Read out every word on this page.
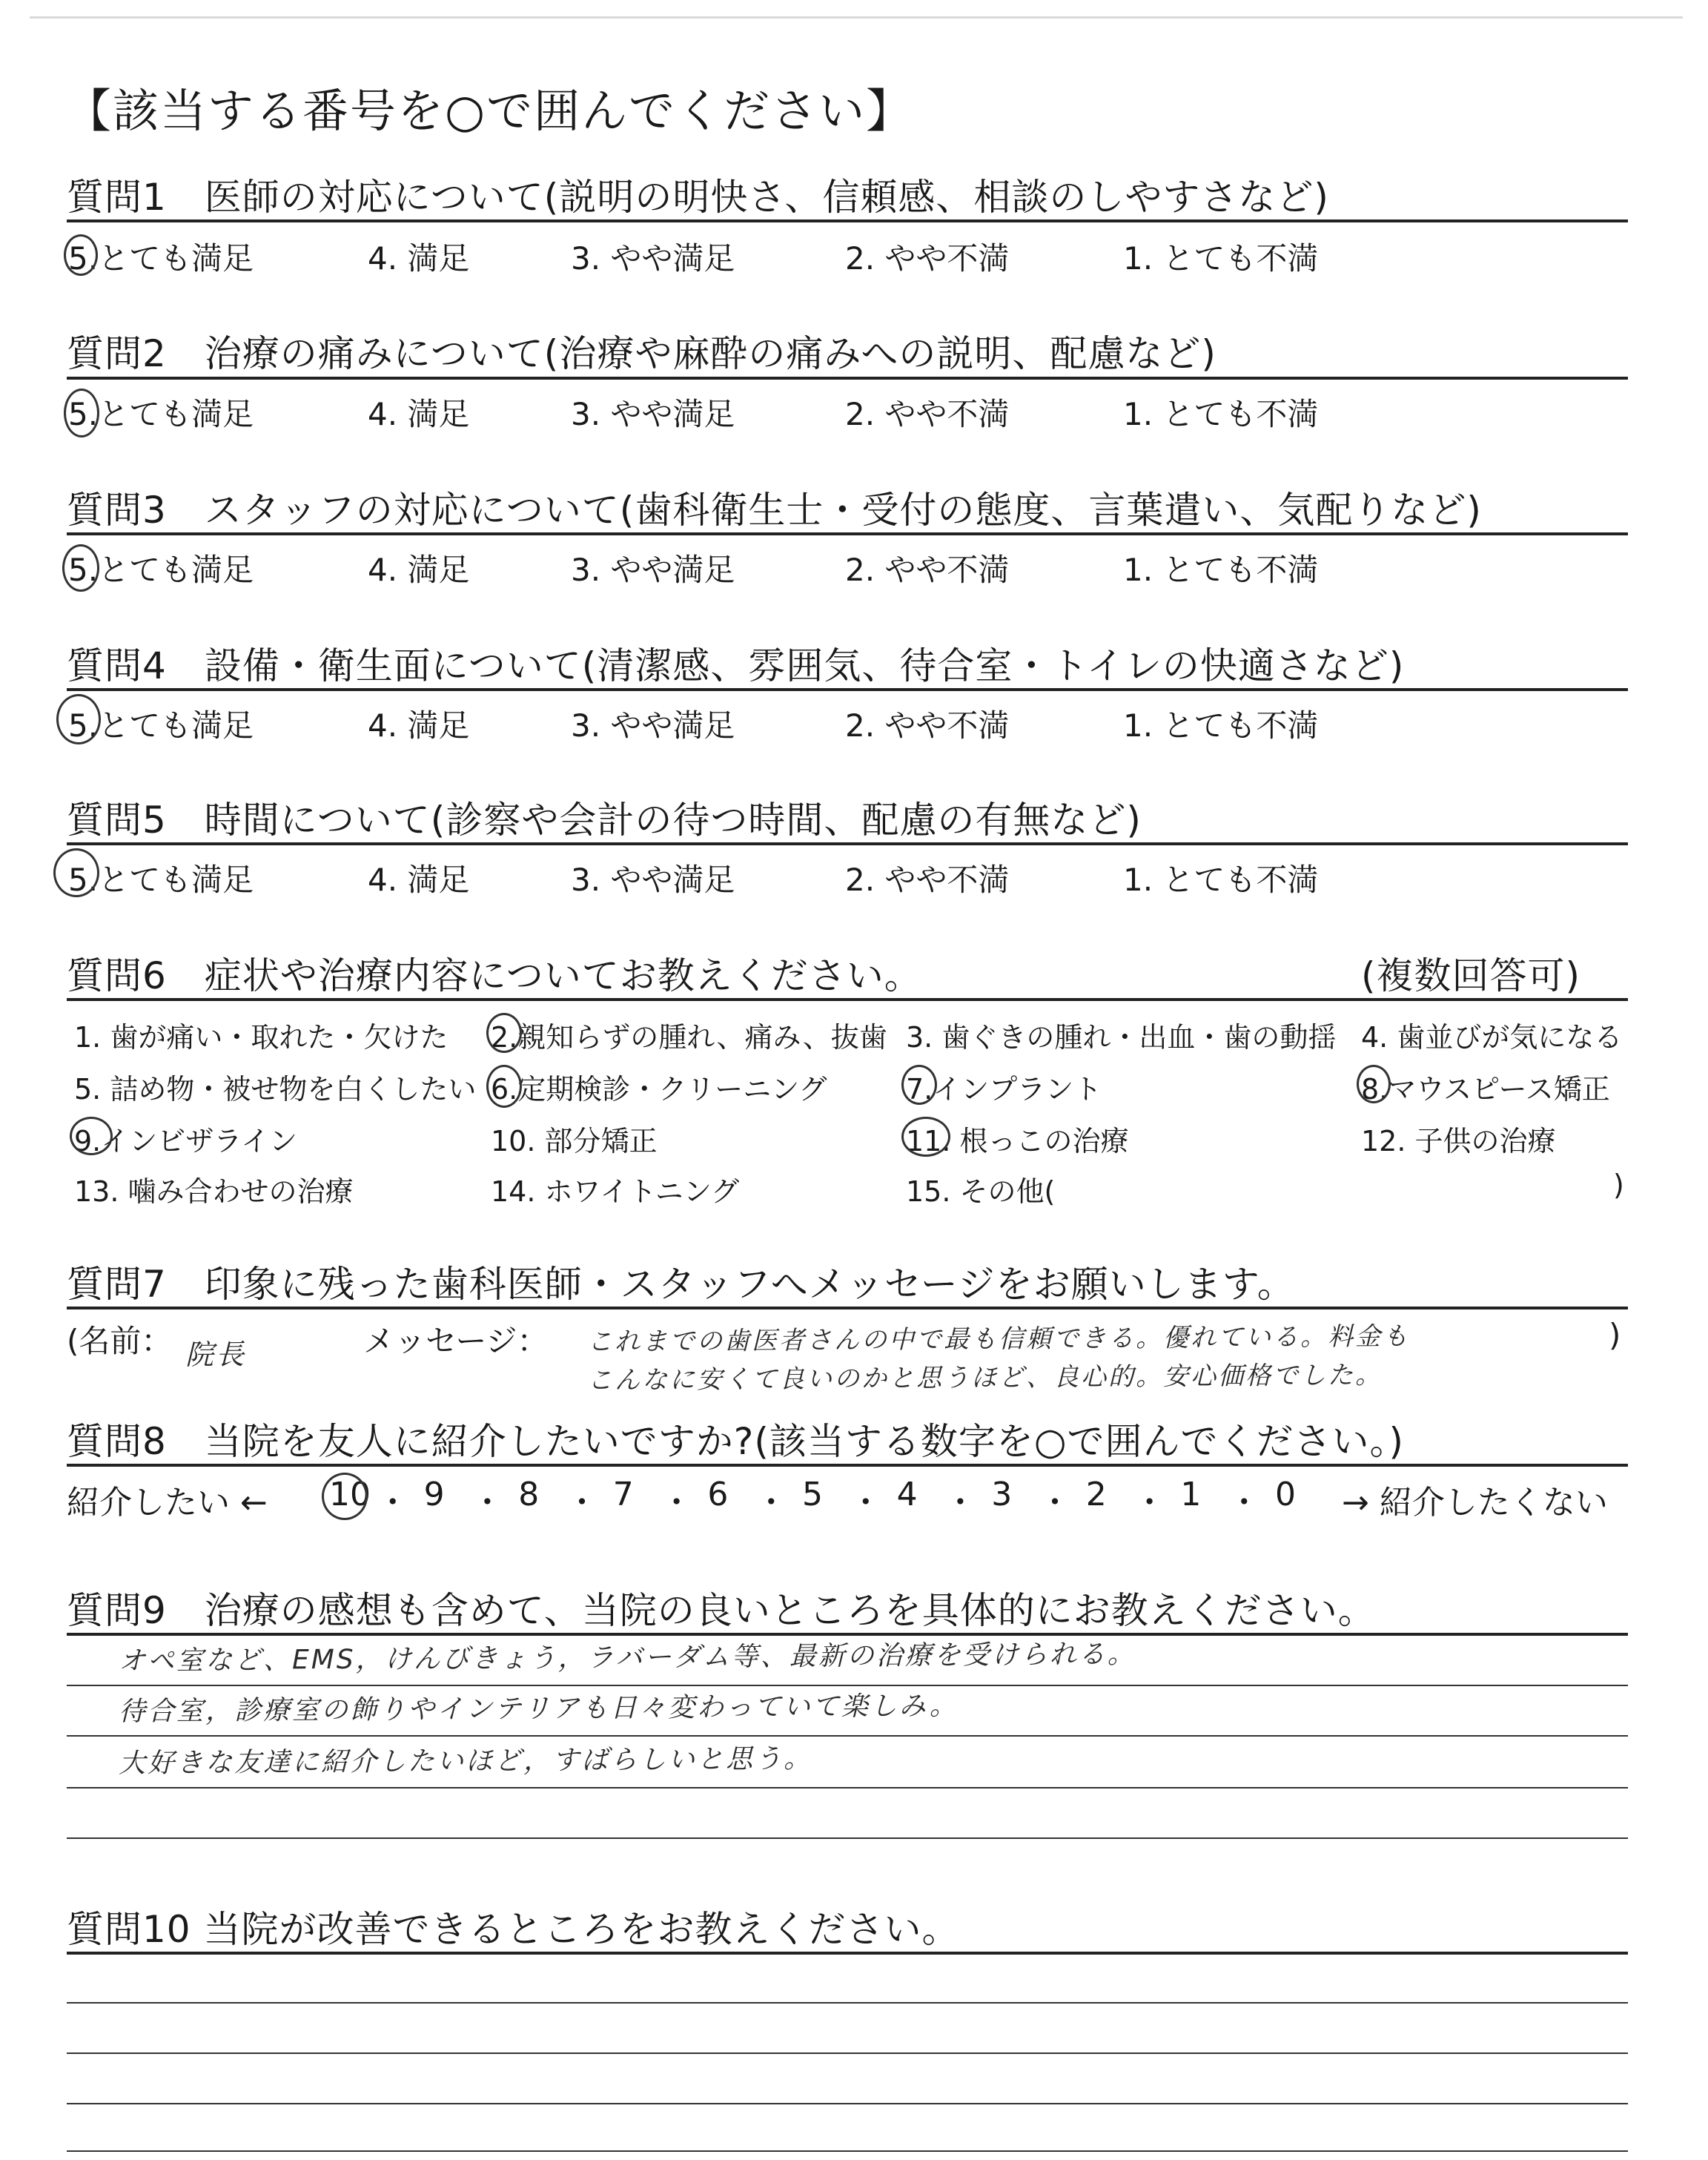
【該当する番号を○で囲んでください】
質問1　医師の対応について(説明の明快さ、信頼感、相談のしやすさなど)
5.とても満足	4. 満足	3. やや満足	2. やや不満	1. とても不満
質問2　治療の痛みについて(治療や麻酔の痛みへの説明、配慮など)
5.とても満足	4. 満足	3. やや満足	2. やや不満	1. とても不満
質問3　スタッフの対応について(歯科衛生士・受付の態度、言葉遣い、気配りなど)
5.とても満足	4. 満足	3. やや満足	2. やや不満	1. とても不満
質問4　設備・衛生面について(清潔感、雰囲気、待合室・トイレの快適さなど)
5.とても満足	4. 満足	3. やや満足	2. やや不満	1. とても不満
質問5　時間について(診察や会計の待つ時間、配慮の有無など)
5.とても満足	4. 満足	3. やや満足	2. やや不満	1. とても不満
質問6　症状や治療内容についてお教えください。	(複数回答可)
1. 歯が痛い・取れた・欠けた 2.親知らずの腫れ、痛み、抜歯 3. 歯ぐきの腫れ・出血・歯の動揺 4. 歯並びが気になる
5. 詰め物・被せ物を白くしたい 6.定期検診・クリーニング	7.インプラント	8.マウスピース矯正
9.インビザライン	10. 部分矯正	11. 根っこの治療	12. 子供の治療
13. 噛み合わせの治療	14. ホワイトニング	15. その他(	)
質問7　印象に残った歯科医師・スタッフへメッセージをお願いします。
(名前： 院長	メッセージ： これまでの歯医者さんの中で最も信頼できる。優れている。料金も
こんなに安くて良いのかと思うほど、良心的。安心価格でした。
)
質問8　当院を友人に紹介したいですか?(該当する数字を○で囲んでください。)
紹介したい ← 10 ・ 9 ・ 8 ・ 7 ・ 6 ・ 5 ・ 4 ・ 3 ・ 2 ・ 1 ・ 0 → 紹介したくない
質問9　治療の感想も含めて、当院の良いところを具体的にお教えください。
オペ室など、EMS，けんびきょう，ラバーダム等、最新の治療を受けられる。
待合室，診療室の飾りやインテリアも日々変わっていて楽しみ。
大好きな友達に紹介したいほど，すばらしいと思う。
質問10 当院が改善できるところをお教えください。
